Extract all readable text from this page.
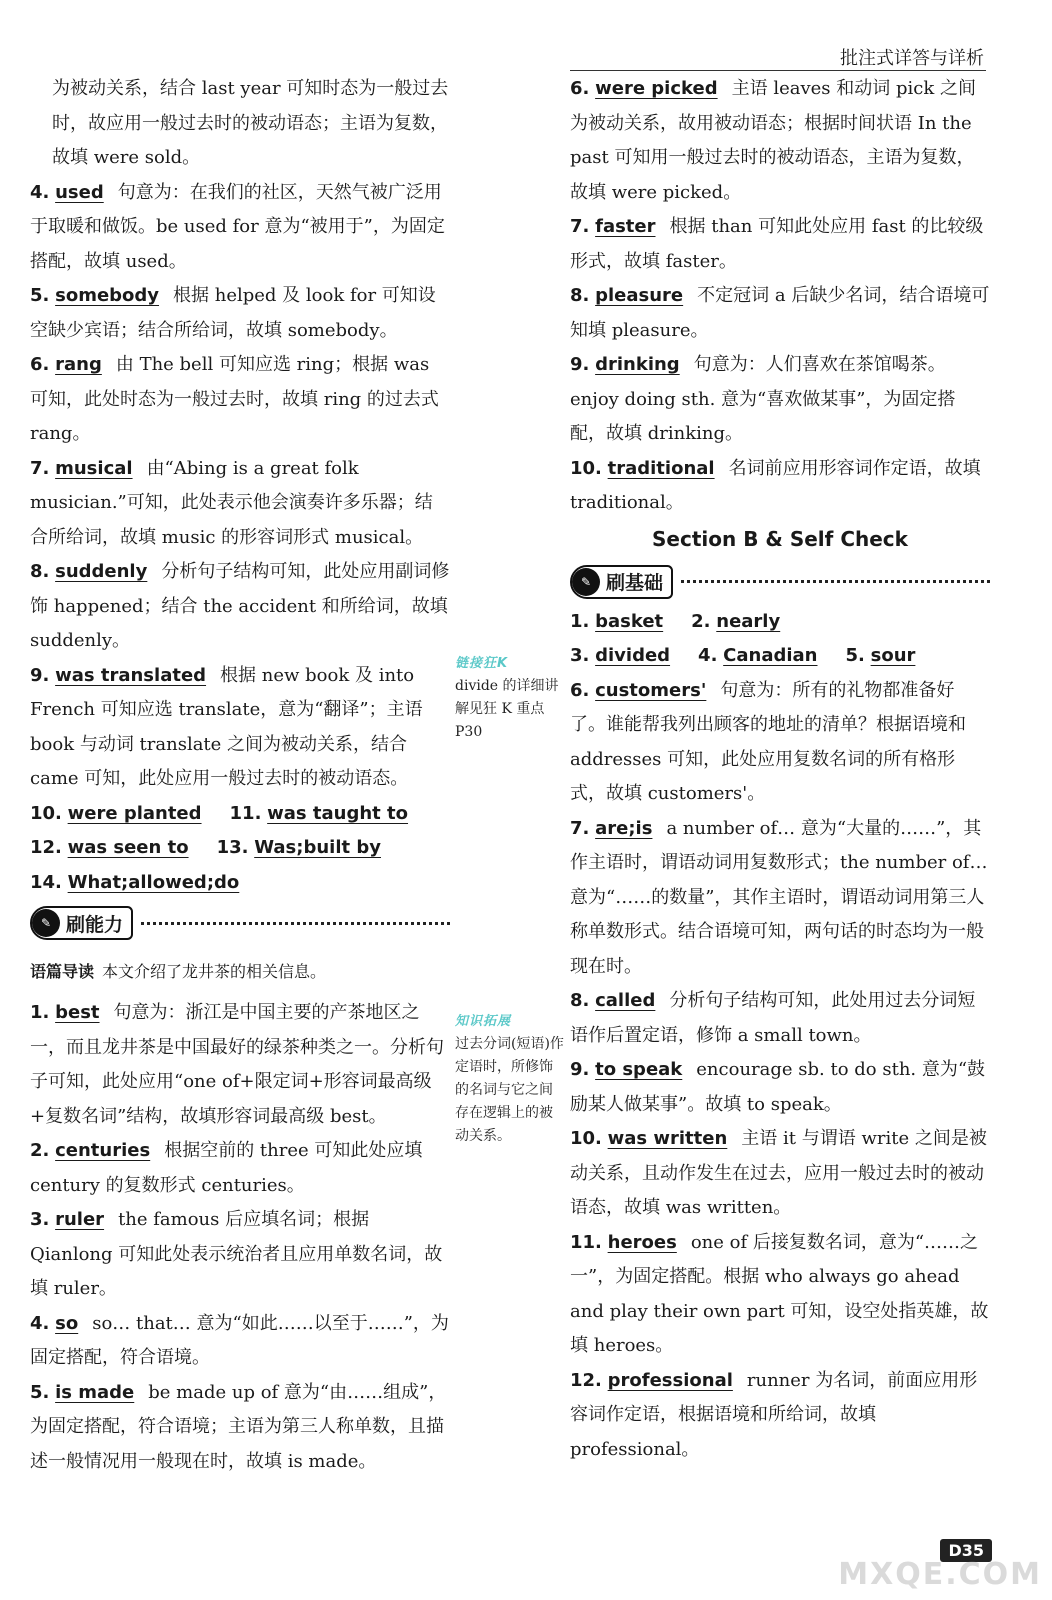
批注式详答与详析
为被动关系，结合 last year 可知时态为一般过去时，故应用一般过去时的被动语态；主语为复数，故填 were sold。
4. used 句意为：在我们的社区，天然气被广泛用于取暖和做饭。be used for 意为“被用于”，为固定搭配，故填 used。
5. somebody 根据 helped 及 look for 可知设空缺少宾语；结合所给词，故填 somebody。
6. rang 由 The bell 可知应选 ring；根据 was 可知，此处时态为一般过去时，故填 ring 的过去式 rang。
7. musical 由“Abing is a great folk musician.”可知，此处表示他会演奏许多乐器；结合所给词，故填 music 的形容词形式 musical。
8. suddenly 分析句子结构可知，此处应用副词修饰 happened；结合 the accident 和所给词，故填 suddenly。
9. was translated 根据 new book 及 into French 可知应选 translate，意为“翻译”；主语 book 与动词 translate 之间为被动关系，结合 came 可知，此处应用一般过去时的被动语态。
10. were planted	11. was taught to
12. was seen to	13. Was;built by
14. What;allowed;do
✎ 刷能力
语篇导读 本文介绍了龙井茶的相关信息。
1. best 句意为：浙江是中国主要的产茶地区之一，而且龙井茶是中国最好的绿茶种类之一。分析句子可知，此处应用“one of+限定词+形容词最高级+复数名词”结构，故填形容词最高级 best。
2. centuries 根据空前的 three 可知此处应填 century 的复数形式 centuries。
3. ruler the famous 后应填名词；根据 Qianlong 可知此处表示统治者且应用单数名词，故填 ruler。
4. so so… that… 意为“如此……以至于……”，为固定搭配，符合语境。
5. is made be made up of 意为“由……组成”，为固定搭配，符合语境；主语为第三人称单数，且描述一般情况用一般现在时，故填 is made。
链接狂K
divide 的详细讲解见狂 K 重点 P30
知识拓展
过去分词(短语)作定语时，所修饰的名词与它之间存在逻辑上的被动关系。
6. were picked 主语 leaves 和动词 pick 之间为被动关系，故用被动语态；根据时间状语 In the past 可知用一般过去时的被动语态，主语为复数，故填 were picked。
7. faster 根据 than 可知此处应用 fast 的比较级形式，故填 faster。
8. pleasure 不定冠词 a 后缺少名词，结合语境可知填 pleasure。
9. drinking 句意为：人们喜欢在茶馆喝茶。enjoy doing sth. 意为“喜欢做某事”，为固定搭配，故填 drinking。
10. traditional 名词前应用形容词作定语，故填 traditional。
Section B & Self Check
✎ 刷基础
1. basket	2. nearly
3. divided	4. Canadian	5. sour
6. customers' 句意为：所有的礼物都准备好了。谁能帮我列出顾客的地址的清单？根据语境和 addresses 可知，此处应用复数名词的所有格形式，故填 customers'。
7. are;is a number of… 意为“大量的……”，其作主语时，谓语动词用复数形式；the number of… 意为“……的数量”，其作主语时，谓语动词用第三人称单数形式。结合语境可知，两句话的时态均为一般现在时。
8. called 分析句子结构可知，此处用过去分词短语作后置定语，修饰 a small town。
9. to speak encourage sb. to do sth. 意为“鼓励某人做某事”。故填 to speak。
10. was written 主语 it 与谓语 write 之间是被动关系，且动作发生在过去，应用一般过去时的被动语态，故填 was written。
11. heroes one of 后接复数名词，意为“……之一”，为固定搭配。根据 who always go ahead and play their own part 可知，设空处指英雄，故填 heroes。
12. professional runner 为名词，前面应用形容词作定语，根据语境和所给词，故填 professional。
D35
MXQE.COM
